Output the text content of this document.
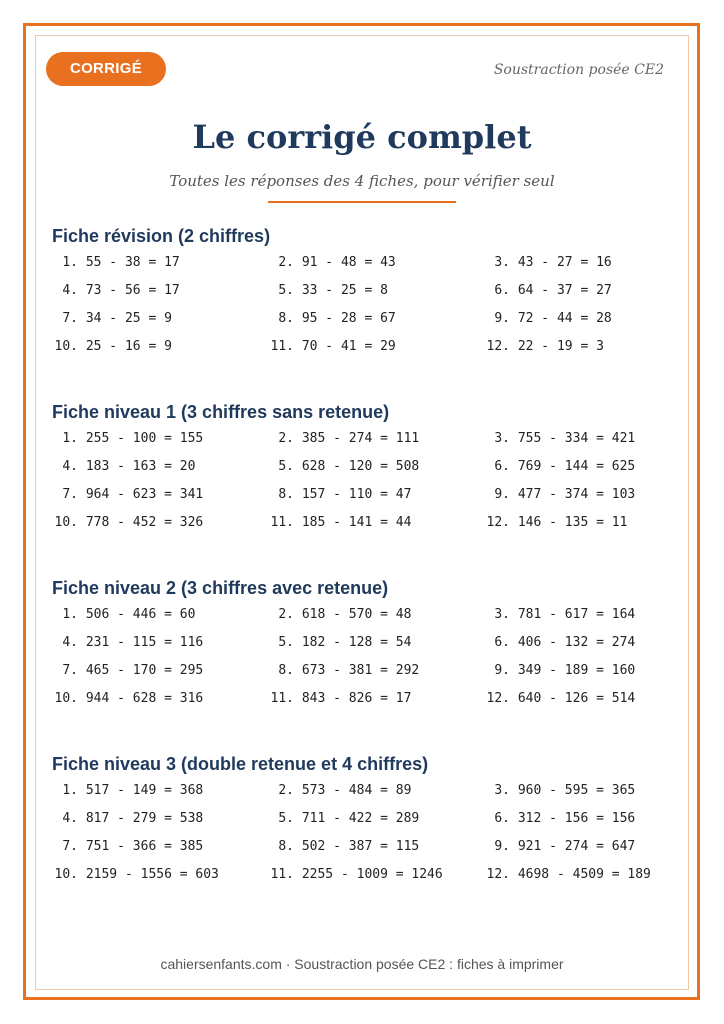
CORRIGÉ	Soustraction posée CE2
Le corrigé complet
Toutes les réponses des 4 fiches, pour vérifier seul
Fiche révision (2 chiffres)
1. 55 - 38 = 17	2. 91 - 48 = 43	3. 43 - 27 = 16
4. 73 - 56 = 17	5. 33 - 25 = 8	6. 64 - 37 = 27
7. 34 - 25 = 9	8. 95 - 28 = 67	9. 72 - 44 = 28
10. 25 - 16 = 9	11. 70 - 41 = 29	12. 22 - 19 = 3
Fiche niveau 1 (3 chiffres sans retenue)
1. 255 - 100 = 155	2. 385 - 274 = 111	3. 755 - 334 = 421
4. 183 - 163 = 20	5. 628 - 120 = 508	6. 769 - 144 = 625
7. 964 - 623 = 341	8. 157 - 110 = 47	9. 477 - 374 = 103
10. 778 - 452 = 326	11. 185 - 141 = 44	12. 146 - 135 = 11
Fiche niveau 2 (3 chiffres avec retenue)
1. 506 - 446 = 60	2. 618 - 570 = 48	3. 781 - 617 = 164
4. 231 - 115 = 116	5. 182 - 128 = 54	6. 406 - 132 = 274
7. 465 - 170 = 295	8. 673 - 381 = 292	9. 349 - 189 = 160
10. 944 - 628 = 316	11. 843 - 826 = 17	12. 640 - 126 = 514
Fiche niveau 3 (double retenue et 4 chiffres)
1. 517 - 149 = 368	2. 573 - 484 = 89	3. 960 - 595 = 365
4. 817 - 279 = 538	5. 711 - 422 = 289	6. 312 - 156 = 156
7. 751 - 366 = 385	8. 502 - 387 = 115	9. 921 - 274 = 647
10. 2159 - 1556 = 603	11. 2255 - 1009 = 1246	12. 4698 - 4509 = 189
cahiersenfants.com · Soustraction posée CE2 : fiches à imprimer
